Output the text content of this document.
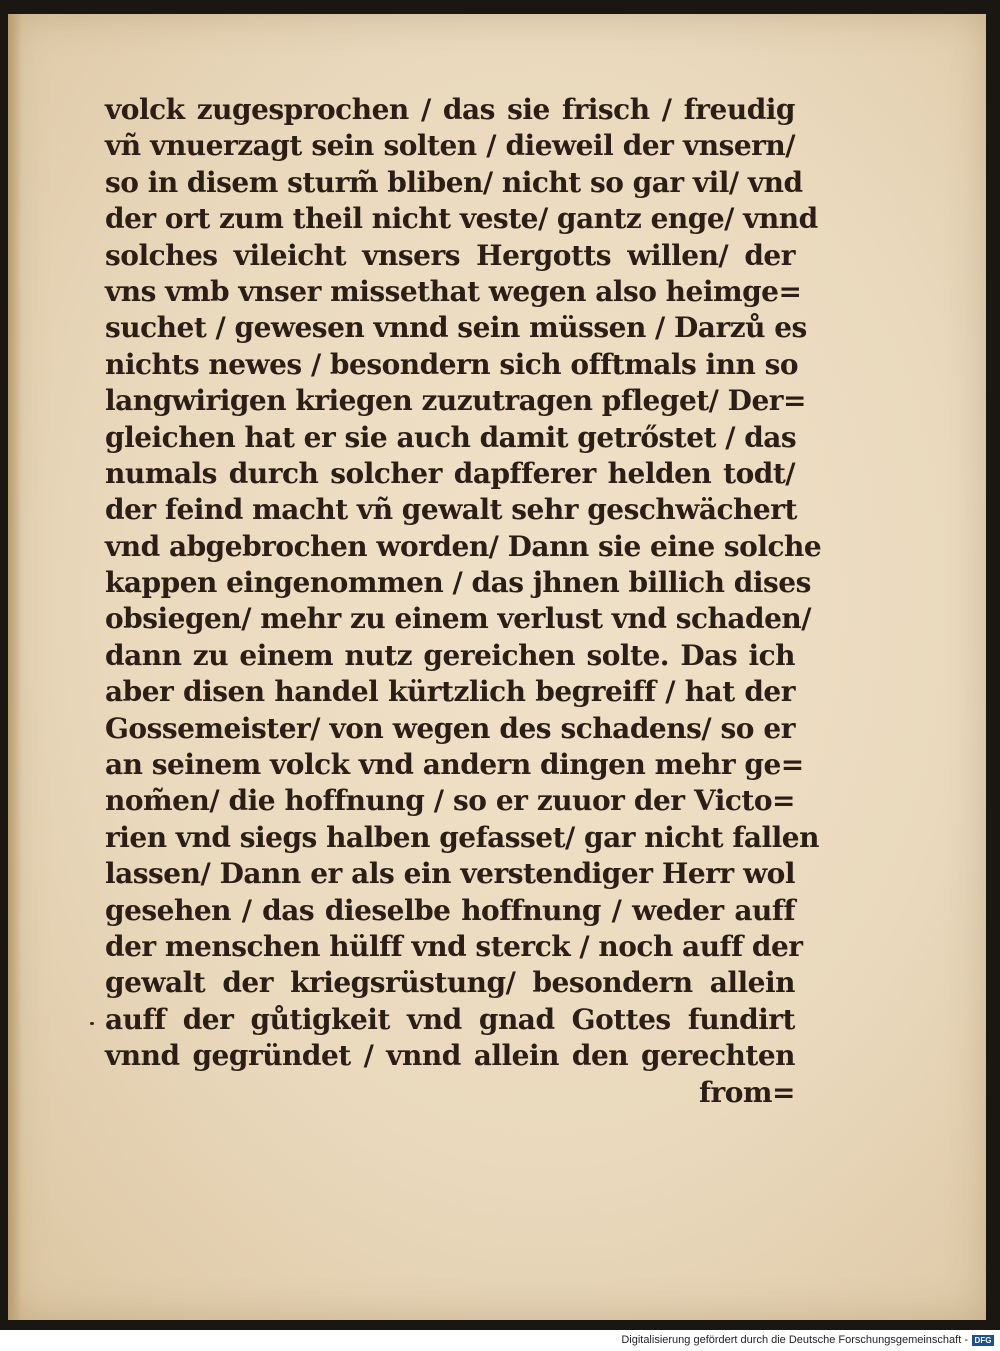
volck zugesprochen / das sie frisch / freudig
vñ vnuerzagt sein solten / dieweil der vnsern/
so in disem sturm̃ bliben/ nicht so gar vil/ vnd
der ort zum theil nicht veste/ gantz enge/ vnnd
solches vileicht vnsers Hergotts willen/ der
vns vmb vnser missethat wegen also heimge=
suchet / gewesen vnnd sein müssen / Darzů es
nichts newes / besondern sich offtmals inn so
langwirigen kriegen zuzutragen pfleget/ Der=
gleichen hat er sie auch damit getrőstet / das
numals durch solcher dapfferer helden todt/
der feind macht vñ gewalt sehr geschwächert
vnd abgebrochen worden/ Dann sie eine solche
kappen eingenommen / das jhnen billich dises
obsiegen/ mehr zu einem verlust vnd schaden/
dann zu einem nutz gereichen solte. Das ich
aber disen handel kürtzlich begreiff / hat der
Gossemeister/ von wegen des schadens/ so er
an seinem volck vnd andern dingen mehr ge=
nom̃en/ die hoffnung / so er zuuor der Victo=
rien vnd siegs halben gefasset/ gar nicht fallen
lassen/ Dann er als ein verstendiger Herr wol
gesehen / das dieselbe hoffnung / weder auff
der menschen hülff vnd sterck / noch auff der
gewalt der kriegsrüstung/ besondern allein
auff der gůtigkeit vnd gnad Gottes fundirt
vnnd gegründet / vnnd allein den gerechten
from=
Digitalisierung gefördert durch die Deutsche Forschungsgemeinschaft - DFG
